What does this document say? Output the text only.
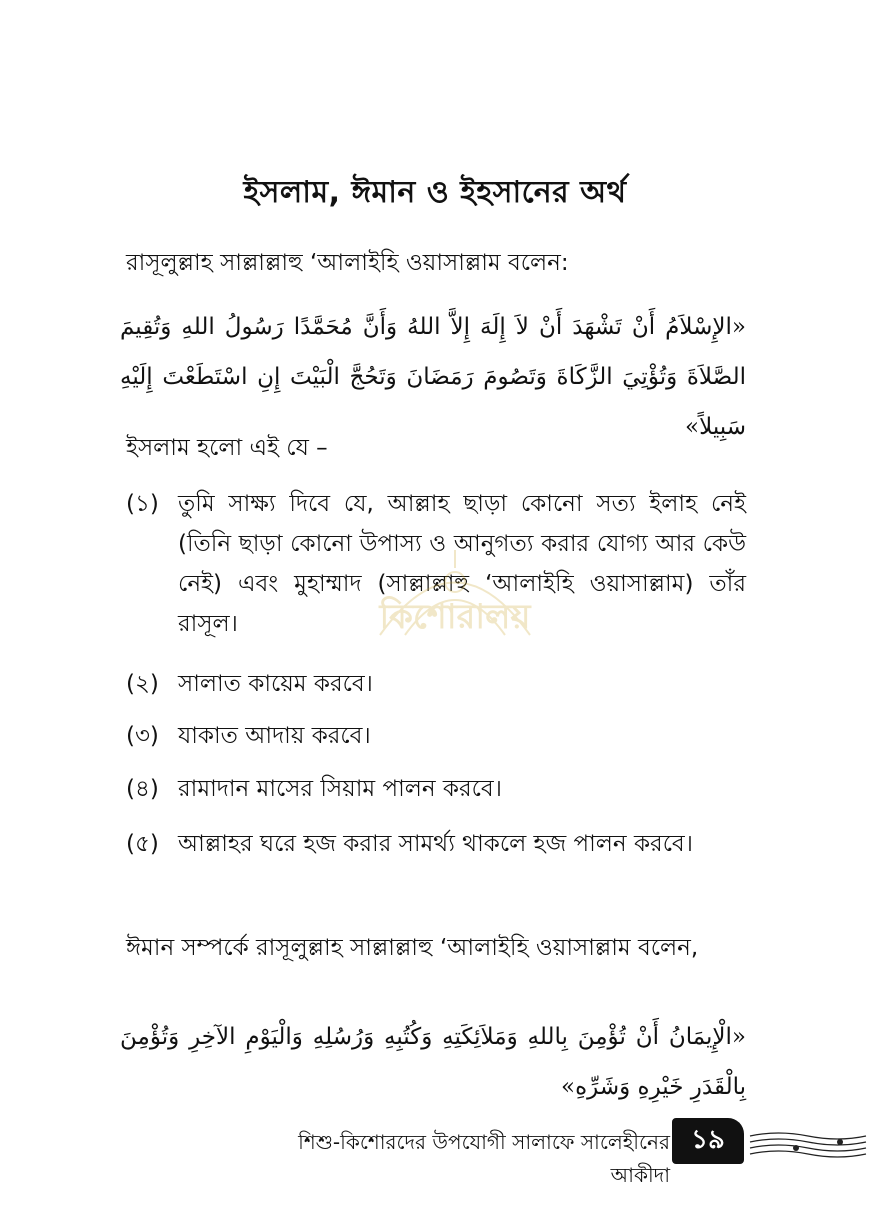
ইসলাম, ঈমান ও ইহসানের অর্থ
রাসূলুল্লাহ সাল্লাল্লাহু ‘আলাইহি ওয়াসাল্লাম বলেন:
«الإِسْلاَمُ أَنْ تَشْهَدَ أَنْ لاَ إِلَهَ إِلاَّ اللهُ وَأَنَّ مُحَمَّدًا رَسُولُ اللهِ وَتُقِيمَ الصَّلاَةَ وَتُؤْتِيَ الزَّكَاةَ وَتَصُومَ رَمَضَانَ وَتَحُجَّ الْبَيْتَ إِنِ اسْتَطَعْتَ إِلَيْهِ سَبِيلاً»
ইসলাম হলো এই যে –
(১) তুমি সাক্ষ্য দিবে যে, আল্লাহ ছাড়া কোনো সত্য ইলাহ নেই (তিনি ছাড়া কোনো উপাস্য ও আনুগত্য করার যোগ্য আর কেউ নেই) এবং মুহাম্মাদ (সাল্লাল্লাহু ‘আলাইহি ওয়াসাল্লাম) তাঁর রাসূল।
(২) সালাত কায়েম করবে।
(৩) যাকাত আদায় করবে।
(৪) রামাদান মাসের সিয়াম পালন করবে।
(৫) আল্লাহর ঘরে হজ করার সামর্থ্য থাকলে হজ পালন করবে।
ঈমান সম্পর্কে রাসূলুল্লাহ সাল্লাল্লাহু ‘আলাইহি ওয়াসাল্লাম বলেন,
«الْإِيمَانُ أَنْ تُؤْمِنَ بِاللهِ وَمَلاَئِكَتِهِ وَكُتُبِهِ وَرُسُلِهِ وَالْيَوْمِ الآخِرِ وَتُؤْمِنَ بِالْقَدَرِ خَيْرِهِ وَشَرِّهِ»
কিশোরালয়
শিশু-কিশোরদের উপযোগী সালাফে সালেহীনের আকীদা
১৯
